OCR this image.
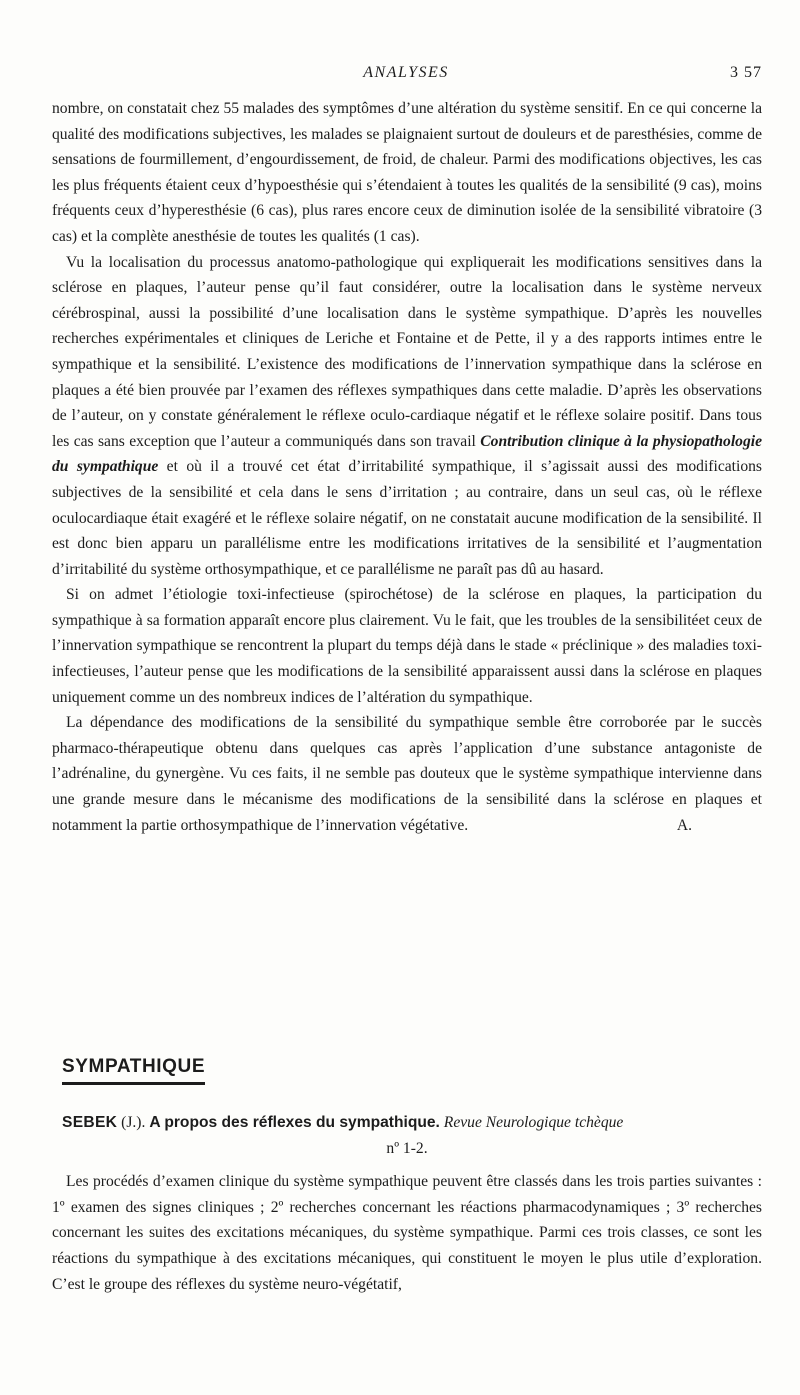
ANALYSES	3 57

nombre, on constatait chez 55 malades des symptômes d’une altération du système sensitif. En ce qui concerne la qualité des modifications subjectives, les malades se plaignaient surtout de douleurs et de paresthésies, comme de sensations de fourmillement, d’engourdissement, de froid, de chaleur. Parmi des modifications objectives, les cas les plus fréquents étaient ceux d’hypoesthésie qui s’étendaient à toutes les qualités de la sensibilité (9 cas), moins fréquents ceux d’hyperesthésie (6 cas), plus rares encore ceux de diminution isolée de la sensibilité vibratoire (3 cas) et la complète anesthésie de toutes les qualités (1 cas).

Vu la localisation du processus anatomo-pathologique qui expliquerait les modifications sensitives dans la sclérose en plaques, l’auteur pense qu’il faut considérer, outre la localisation dans le système nerveux cérébrospinal, aussi la possibilité d’une localisation dans le système sympathique. D’après les nouvelles recherches expérimentales et cliniques de Leriche et Fontaine et de Pette, il y a des rapports intimes entre le sympathique et la sensibilité. L’existence des modifications de l’innervation sympathique dans la sclérose en plaques a été bien prouvée par l’examen des réflexes sympathiques dans cette maladie. D’après les observations de l’auteur, on y constate généralement le réflexe oculo-cardiaque négatif et le réflexe solaire positif. Dans tous les cas sans exception que l’auteur a communiqués dans son travail Contribution clinique à la physiopathologie du sympathique et où il a trouvé cet état d’irritabilité sympathique, il s’agissait aussi des modifications subjectives de la sensibilité et cela dans le sens d’irritation ; au contraire, dans un seul cas, où le réflexe oculocardiaque était exagéré et le réflexe solaire négatif, on ne constatait aucune modification de la sensibilité. Il est donc bien apparu un parallélisme entre les modifications irritatives de la sensibilité et l’augmentation d’irritabilité du système orthosympathique, et ce parallélisme ne paraît pas dû au hasard.

Si on admet l’étiologie toxi-infectieuse (spirochétose) de la sclérose en plaques, la participation du sympathique à sa formation apparaît encore plus clairement. Vu le fait, que les troubles de la sensibilitéet ceux de l’innervation sympathique se rencontrent la plupart du temps déjà dans le stade « préclinique » des maladies toxi-infectieuses, l’auteur pense que les modifications de la sensibilité apparaissent aussi dans la sclérose en plaques uniquement comme un des nombreux indices de l’altération du sympathique.

La dépendance des modifications de la sensibilité du sympathique semble être corroborée par le succès pharmaco-thérapeutique obtenu dans quelques cas après l’application d’une substance antagoniste de l’adrénaline, du gynergène. Vu ces faits, il ne semble pas douteux que le système sympathique intervienne dans une grande mesure dans le mécanisme des modifications de la sensibilité dans la sclérose en plaques et notamment la partie orthosympathique de l’innervation végétative.	A.

SYMPATHIQUE

SEBEK (J.). A propos des réflexes du sympathique. Revue Neurologique tchèque

nº 1-2.

Les procédés d’examen clinique du système sympathique peuvent être classés dans les trois parties suivantes : 1º examen des signes cliniques ; 2º recherches concernant les réactions pharmacodynamiques ; 3º recherches concernant les suites des excitations mécaniques, du système sympathique. Parmi ces trois classes, ce sont les réactions du sympathique à des excitations mécaniques, qui constituent le moyen le plus utile d’exploration. C’est le groupe des réflexes du système neuro-végétatif,
